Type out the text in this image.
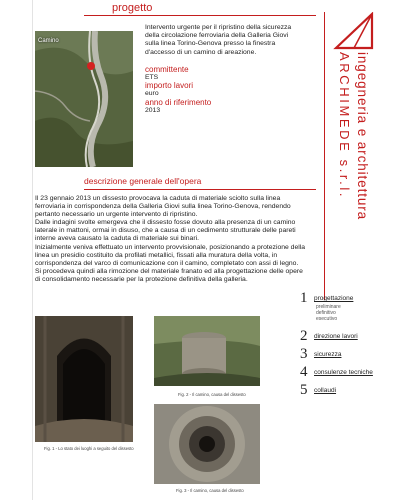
progetto
Camino
Intervento urgente per il ripristino della sicurezza della circolazione ferroviaria della Galleria Giovi sulla linea Torino-Genova presso la finestra d'accesso di un camino di areazione.
committente
ETS
importo lavori
euro
anno di riferimento
2013	ARCHIMEDE s.r.l. ingegneria e architettura
descrizione generale dell'opera

Il 23 gennaio 2013 un dissesto provocava la caduta di materiale sciolto sulla linea ferroviaria in corrispondenza della Galleria Giovi sulla linea Torino-Genova, rendendo pertanto necessario un urgente intervento di ripristino.

Dalle indagini svolte emergeva che il dissesto fosse dovuto alla presenza di un camino laterale in mattoni, ormai in disuso, che a causa di un cedimento strutturale delle pareti interne aveva causato la caduta di materiale sui binari.

Inizialmente veniva effettuato un intervento provvisionale, posizionando a protezione della linea un presidio costituito da profilati metallici, fissati alla muratura della volta, in corrispondenza del varco di comunicazione con il camino, completato con assi di legno.

Si procedeva quindi alla rimozione del materiale franato ed alla progettazione delle opere di consolidamento necessarie per la protezione definitiva della galleria.

1 progettazione
preliminare
definitivo
esecutivo
2 direzione lavori
3 sicurezza
4 consulenze tecniche
5 collaudi
Fig. 1 - Lo stato dei luoghi a seguito del dissesto
Fig. 2 - Il camino, causa del dissesto
Fig. 3 - Il camino, causa del dissesto
